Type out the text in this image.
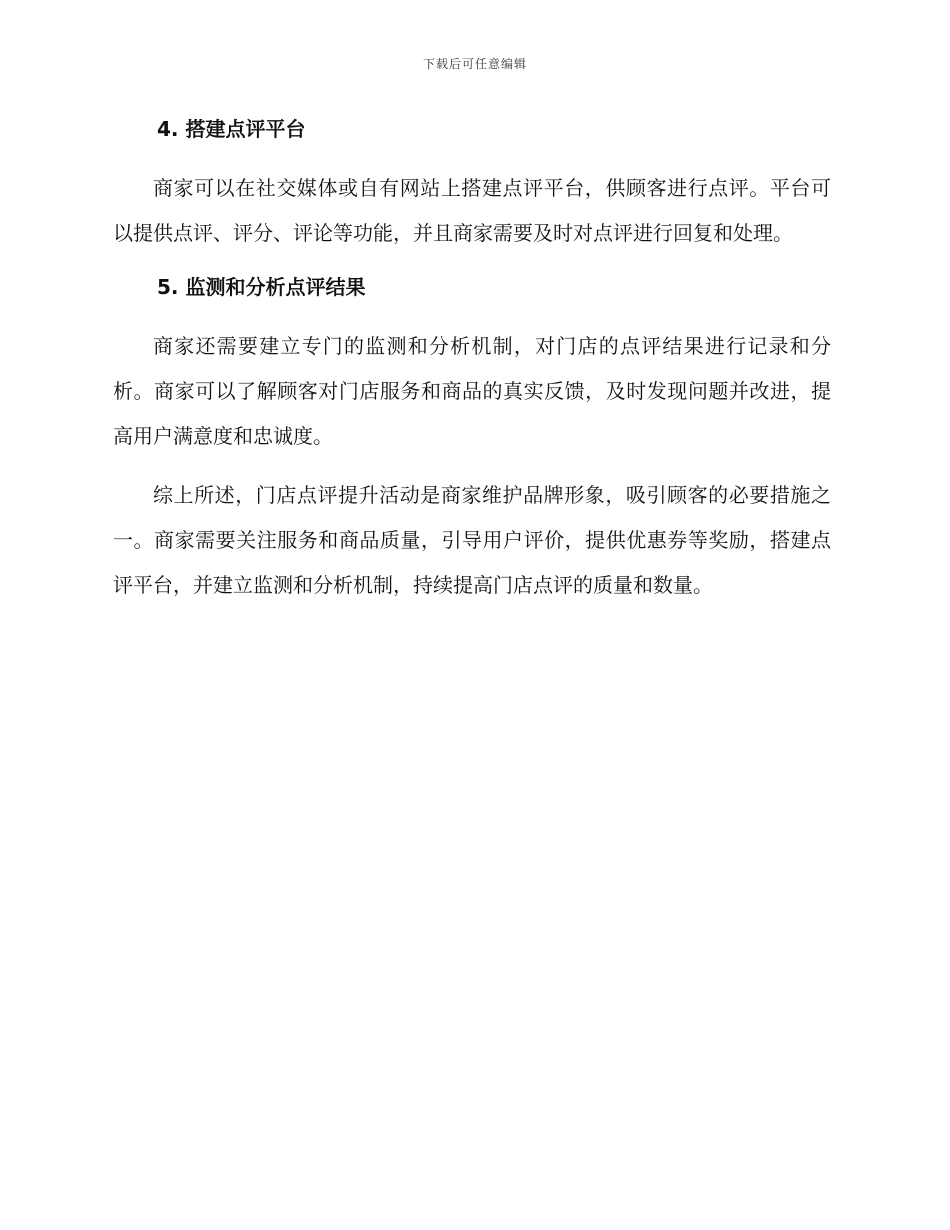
下载后可任意编辑
4. 搭建点评平台

商家可以在社交媒体或自有网站上搭建点评平台，供顾客进行点评。平台可以提供点评、评分、评论等功能，并且商家需要及时对点评进行回复和处理。

5. 监测和分析点评结果

商家还需要建立专门的监测和分析机制，对门店的点评结果进行记录和分析。商家可以了解顾客对门店服务和商品的真实反馈，及时发现问题并改进，提高用户满意度和忠诚度。

综上所述，门店点评提升活动是商家维护品牌形象，吸引顾客的必要措施之一。商家需要关注服务和商品质量，引导用户评价，提供优惠券等奖励，搭建点评平台，并建立监测和分析机制，持续提高门店点评的质量和数量。
